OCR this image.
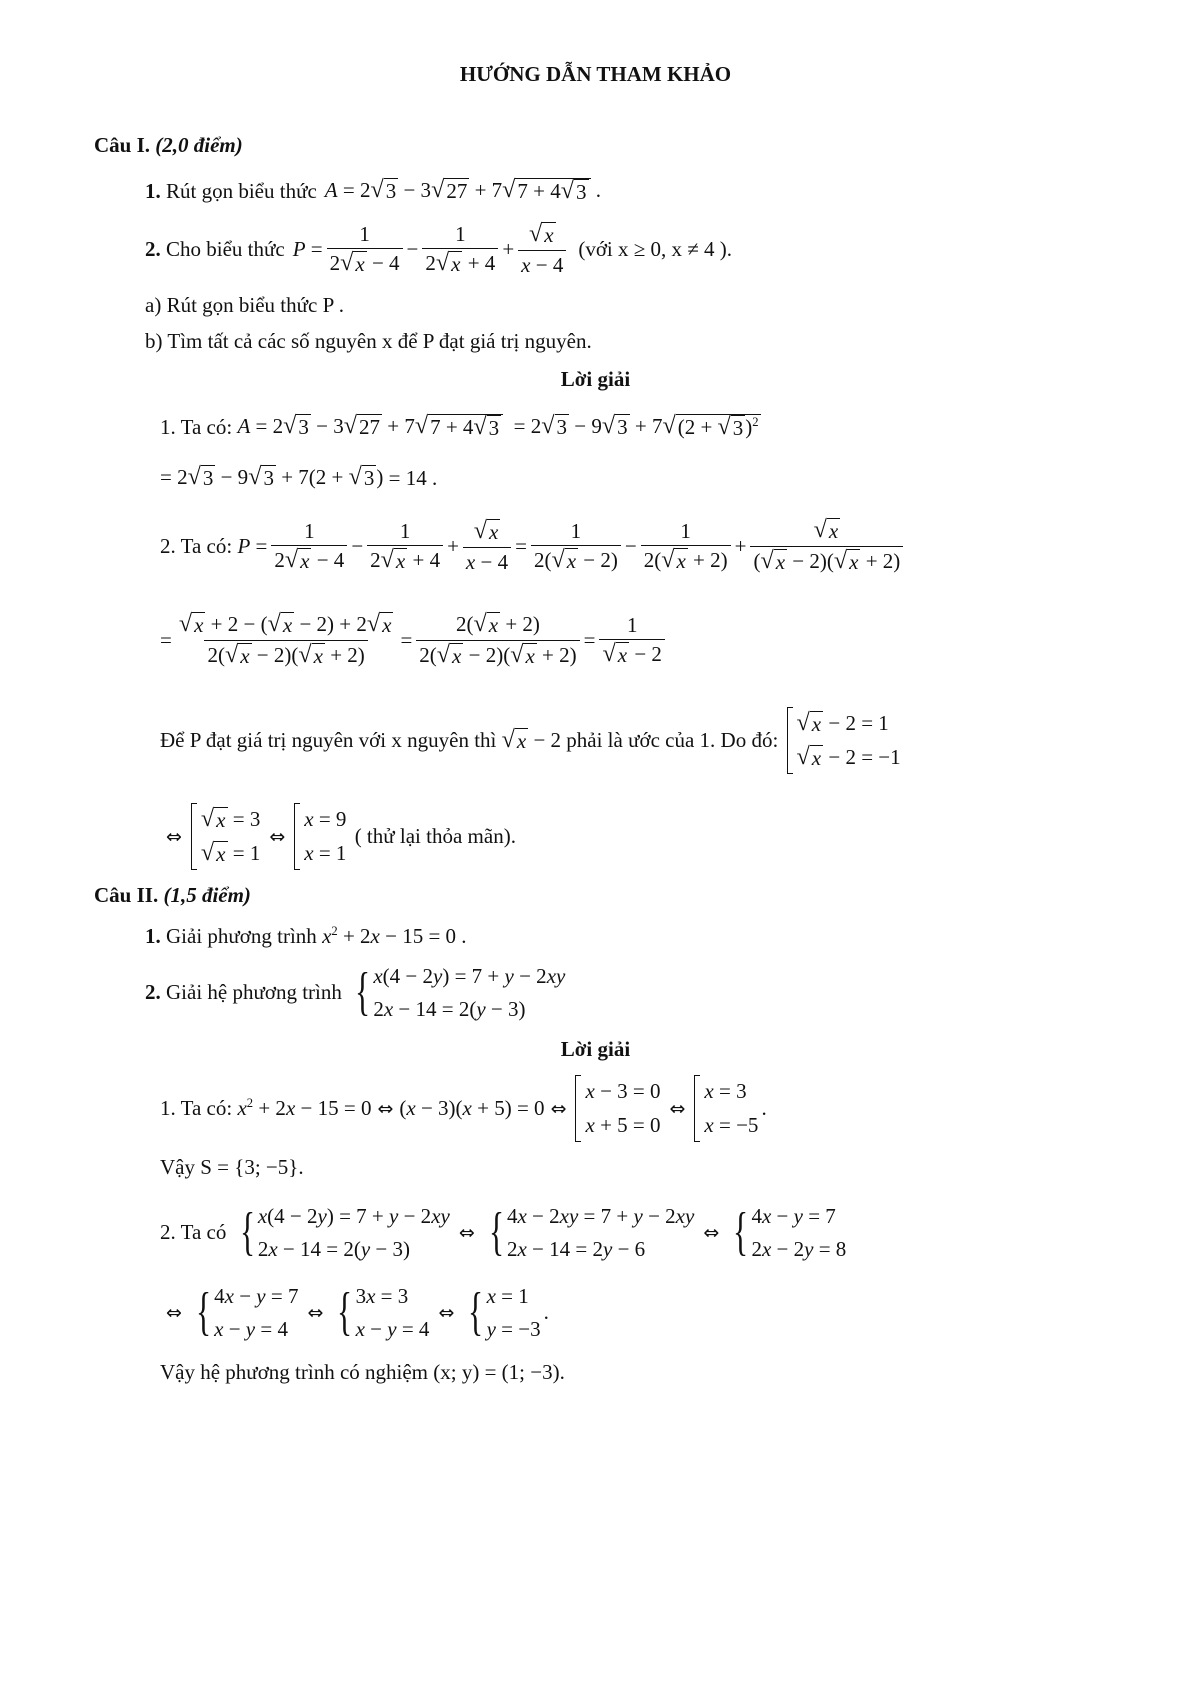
HƯỚNG DẪN THAM KHẢO
Câu I.
(2,0 điểm)
1.
Rút gọn biểu thức A = 2 √ 3 − 3 √ 27 + 7 √ 7 + 4 √ 3 .
2.
Cho biểu thức $P = \frac{1}{2 √ x - 4} - \frac{1}{2 √ x + 4} + \frac{√ x}{x - 4}$ (với x ≥ 0, x ≠ 4 ).
a) Rút gọn biểu thức P .
b) Tìm tất cả các số nguyên x để P đạt giá trị nguyên.
Lời giải
1. Ta có:
A = 2 √ 3 − 3 √ 27 + 7 √ 7 + 4 √ 3 = 2 √ 3 − 9 √ 3 + 7 √ (2 + √ 3 )$^2$
= 2 √ 3 − 9 √ 3 + 7(2 + √ 3 ) = 14 .
2. Ta có:
$P = \frac{1}{2 √ x - 4} - \frac{1}{2 √ x + 4} + \frac{√ x}{x - 4} = \frac{1}{2( √ x - 2)} - \frac{1}{2( √ x + 2)} + \frac{√ x}{( √ x - 2)( √ x + 2)}$
= $\frac{√ x + 2 - ( √ x - 2) + 2 √ x}{2( √ x - 2)( √ x + 2)} = \frac{2( √ x + 2)}{2( √ x - 2)( √ x + 2)} = \frac{1}{√ x - 2}$
Để P đạt giá trị nguyên với x nguyên thì
√ x − 2
phải là ước của 1. Do đó:

√ x − 2 = 1
√ x − 2 = −1
⇔
√ x = 3
√ x = 1
⇔
x = 9
x = 1

( thử lại thỏa mãn).
Câu II.
(1,5 điểm)
1.
Giải phương trình
$x^2 + 2x - 15 = 0$ .
2.
Giải hệ phương trình
{ x(4 − 2y) = 7 + y − 2xy
2x − 14 = 2(y − 3)
Lời giải
1. Ta có:
$x^2 + 2x - 15 = 0$ ⇔ (x − 3)(x + 5) = 0 ⇔
x − 3 = 0
x + 5 = 0
⇔
x = 3
x = −5
.
Vậy S = {3; −5}.
2. Ta có
{ x(4 − 2y) = 7 + y − 2xy
2x − 14 = 2(y − 3)
⇔ { 4x − 2xy = 7 + y − 2xy
2x − 14 = 2y − 6
⇔ { 4x − y = 7
2x − 2y = 8
⇔ { 4x − y = 7
x − y = 4
⇔ { 3x = 3
x − y = 4
⇔ { x = 1
y = −3
.
Vậy hệ phương trình có nghiệm (x; y) = (1; −3).
